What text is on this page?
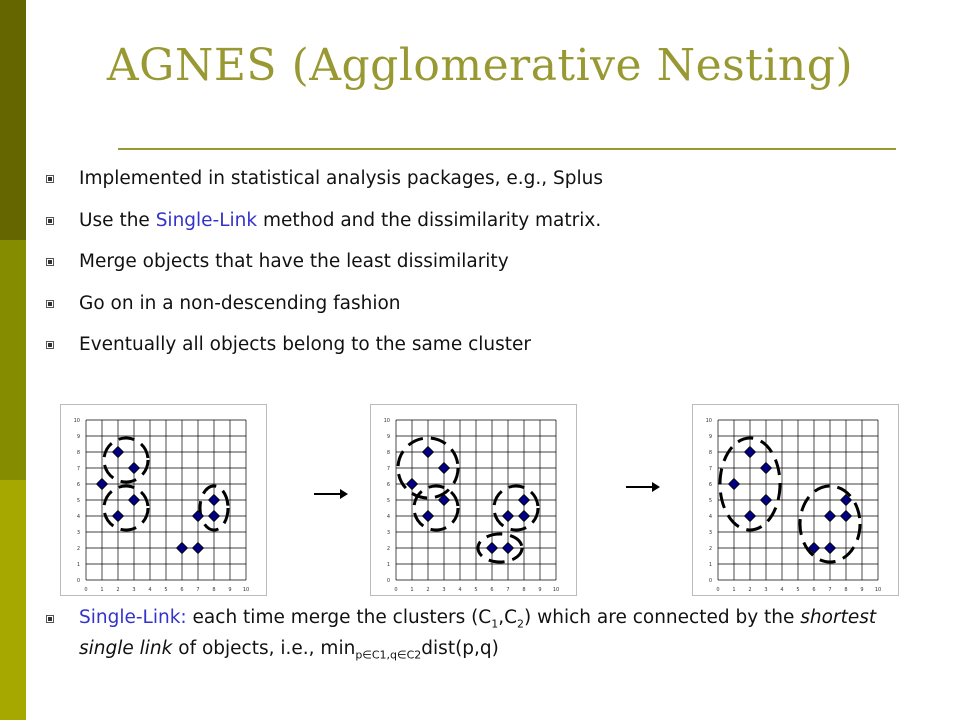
AGNES (Agglomerative Nesting)
Implemented in statistical analysis packages, e.g., Splus
Use the Single-Link method and the dissimilarity matrix.
Merge objects that have the least dissimilarity
Go on in a non-descending fashion
Eventually all objects belong to the same cluster
0
0
1
1
2
2
3
3
4
4
5
5
6
6
7
7
8
8
9
9
10
10
0
0
1
1
2
2
3
3
4
4
5
5
6
6
7
7
8
8
9
9
10
10
0
0
1
1
2
2
3
3
4
4
5
5
6
6
7
7
8
8
9
9
10
10
Single-Link: each time merge the clusters $(C_1,C_2)$ which are connected by the shortest single link of objects, i.e., $\min_{p\in C1,q\in C2}dist(p,q)$
